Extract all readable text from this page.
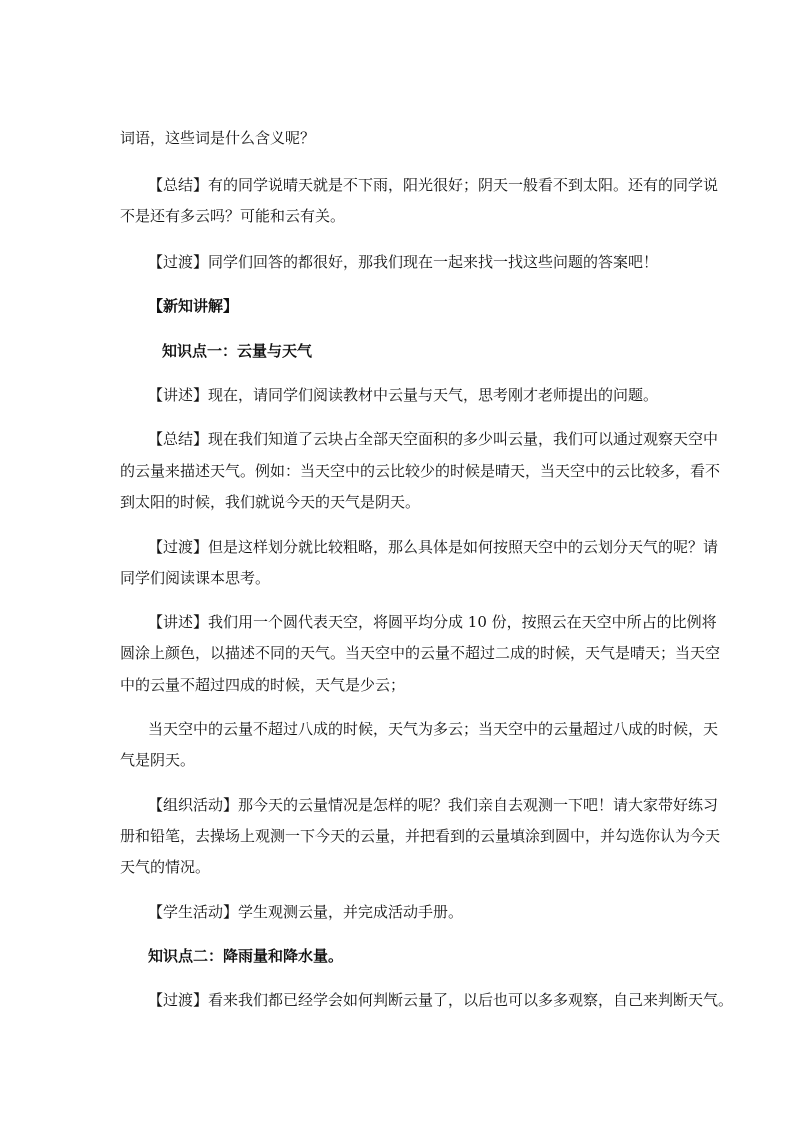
词语，这些词是什么含义呢？
【总结】有的同学说晴天就是不下雨，阳光很好；阴天一般看不到太阳。还有的同学说
不是还有多云吗？可能和云有关。
【过渡】同学们回答的都很好，那我们现在一起来找一找这些问题的答案吧！
【新知讲解】
知识点一：云量与天气
【讲述】现在，请同学们阅读教材中云量与天气，思考刚才老师提出的问题。
【总结】现在我们知道了云块占全部天空面积的多少叫云量，我们可以通过观察天空中
的云量来描述天气。例如：当天空中的云比较少的时候是晴天，当天空中的云比较多，看不
到太阳的时候，我们就说今天的天气是阴天。
【过渡】但是这样划分就比较粗略，那么具体是如何按照天空中的云划分天气的呢？请
同学们阅读课本思考。
【讲述】我们用一个圆代表天空，将圆平均分成 10 份，按照云在天空中所占的比例将
圆涂上颜色，以描述不同的天气。当天空中的云量不超过二成的时候，天气是晴天；当天空
中的云量不超过四成的时候，天气是少云；
当天空中的云量不超过八成的时候，天气为多云；当天空中的云量超过八成的时候，天
气是阴天。
【组织活动】那今天的云量情况是怎样的呢？我们亲自去观测一下吧！请大家带好练习
册和铅笔，去操场上观测一下今天的云量，并把看到的云量填涂到圆中，并勾选你认为今天
天气的情况。
【学生活动】学生观测云量，并完成活动手册。
知识点二：降雨量和降水量。
【过渡】看来我们都已经学会如何判断云量了，以后也可以多多观察，自己来判断天气。
